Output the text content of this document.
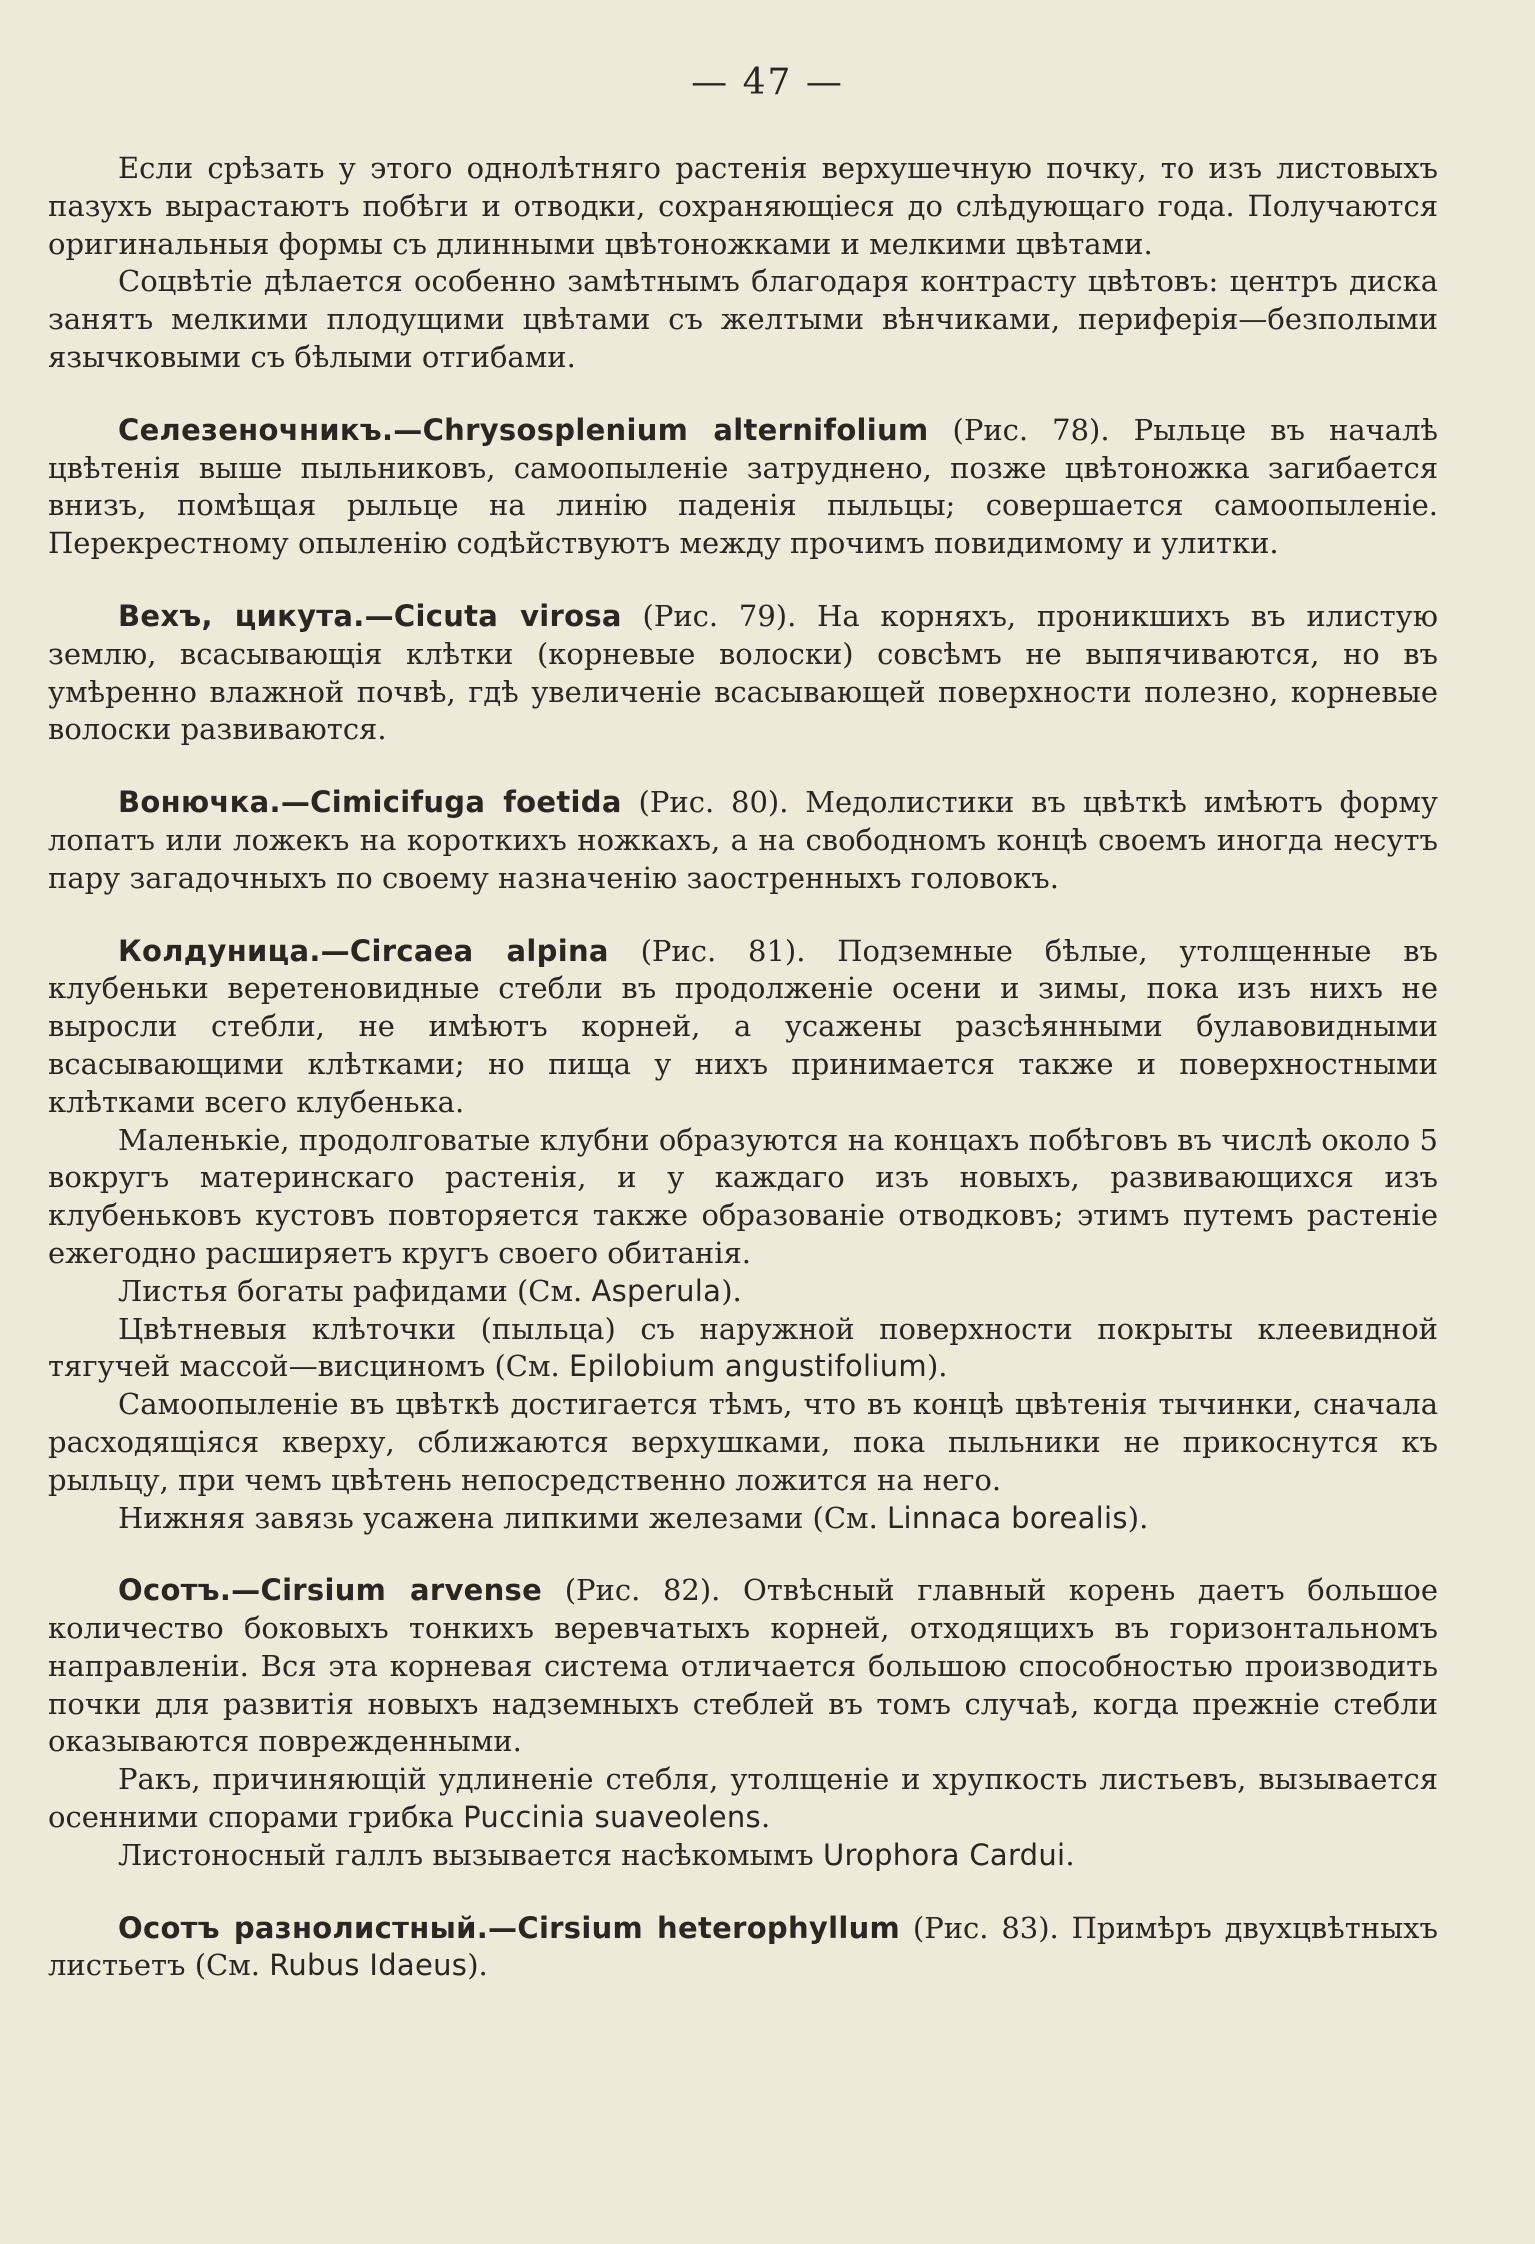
— 47 —

Если срѣзать у этого однолѣтняго растенія верхушечную почку, то изъ листовыхъ пазухъ вырастаютъ побѣги и отводки, сохраняющіеся до слѣдующаго года. Получаются оригинальныя формы съ длинными цвѣтоножками и мелкими цвѣтами.

Соцвѣтіе дѣлается особенно замѣтнымъ благодаря контрасту цвѣтовъ: центръ диска занятъ мелкими плодущими цвѣтами съ желтыми вѣнчиками, периферія—безполыми язычковыми съ бѣлыми отгибами.

Селезеночникъ.—Chrysosplenium alternifolium (Рис. 78). Рыльце въ началѣ цвѣтенія выше пыльниковъ, самоопыленіе затруднено, позже цвѣтоножка загибается внизъ, помѣщая рыльце на линію паденія пыльцы; совершается самоопыленіе. Перекрестному опыленію содѣйствуютъ между прочимъ повидимому и улитки.

Вехъ, цикута.—Cicuta virosa (Рис. 79). На корняхъ, проникшихъ въ илистую землю, всасывающія клѣтки (корневые волоски) совсѣмъ не выпячиваются, но въ умѣренно влажной почвѣ, гдѣ увеличеніе всасывающей поверхности полезно, корневые волоски развиваются.

Вонючка.—Cimicifuga foetida (Рис. 80). Медолистики въ цвѣткѣ имѣютъ форму лопатъ или ложекъ на короткихъ ножкахъ, а на свободномъ концѣ своемъ иногда несутъ пару загадочныхъ по своему назначенію заостренныхъ головокъ.

Колдуница.—Circaea alpina (Рис. 81). Подземные бѣлые, утолщенные въ клубеньки веретеновидные стебли въ продолженіе осени и зимы, пока изъ нихъ не выросли стебли, не имѣютъ корней, а усажены разсѣянными булавовидными всасывающими клѣтками; но пища у нихъ принимается также и поверхностными клѣтками всего клубенька.

Маленькіе, продолговатые клубни образуются на концахъ побѣговъ въ числѣ около 5 вокругъ материнскаго растенія, и у каждаго изъ новыхъ, развивающихся изъ клубеньковъ кустовъ повторяется также образованіе отводковъ; этимъ путемъ растеніе ежегодно расширяетъ кругъ своего обитанія.

Листья богаты рафидами (См. Asperula).

Цвѣтневыя клѣточки (пыльца) съ наружной поверхности покрыты клеевидной тягучей массой—висциномъ (См. Epilobium angustifolium).

Самоопыленіе въ цвѣткѣ достигается тѣмъ, что въ концѣ цвѣтенія тычинки, сначала расходящіяся кверху, сближаются верхушками, пока пыльники не прикоснутся къ рыльцу, при чемъ цвѣтень непосредственно ложится на него.

Нижняя завязь усажена липкими железами (См. Linnaca borealis).

Осотъ.—Cirsium arvense (Рис. 82). Отвѣсный главный корень даетъ большое количество боковыхъ тонкихъ веревчатыхъ корней, отходящихъ въ горизонтальномъ направленіи. Вся эта корневая система отличается большою способностью производить почки для развитія новыхъ надземныхъ стеблей въ томъ случаѣ, когда прежніе стебли оказываются поврежденными.

Ракъ, причиняющій удлиненіе стебля, утолщеніе и хрупкость листьевъ, вызывается осенними спорами грибка Puccinia suaveolens.

Листоносный галлъ вызывается насѣкомымъ Urophora Cardui.

Осотъ разнолистный.—Cirsium heterophyllum (Рис. 83). Примѣръ двухцвѣтныхъ листьетъ (См. Rubus Idaeus).
